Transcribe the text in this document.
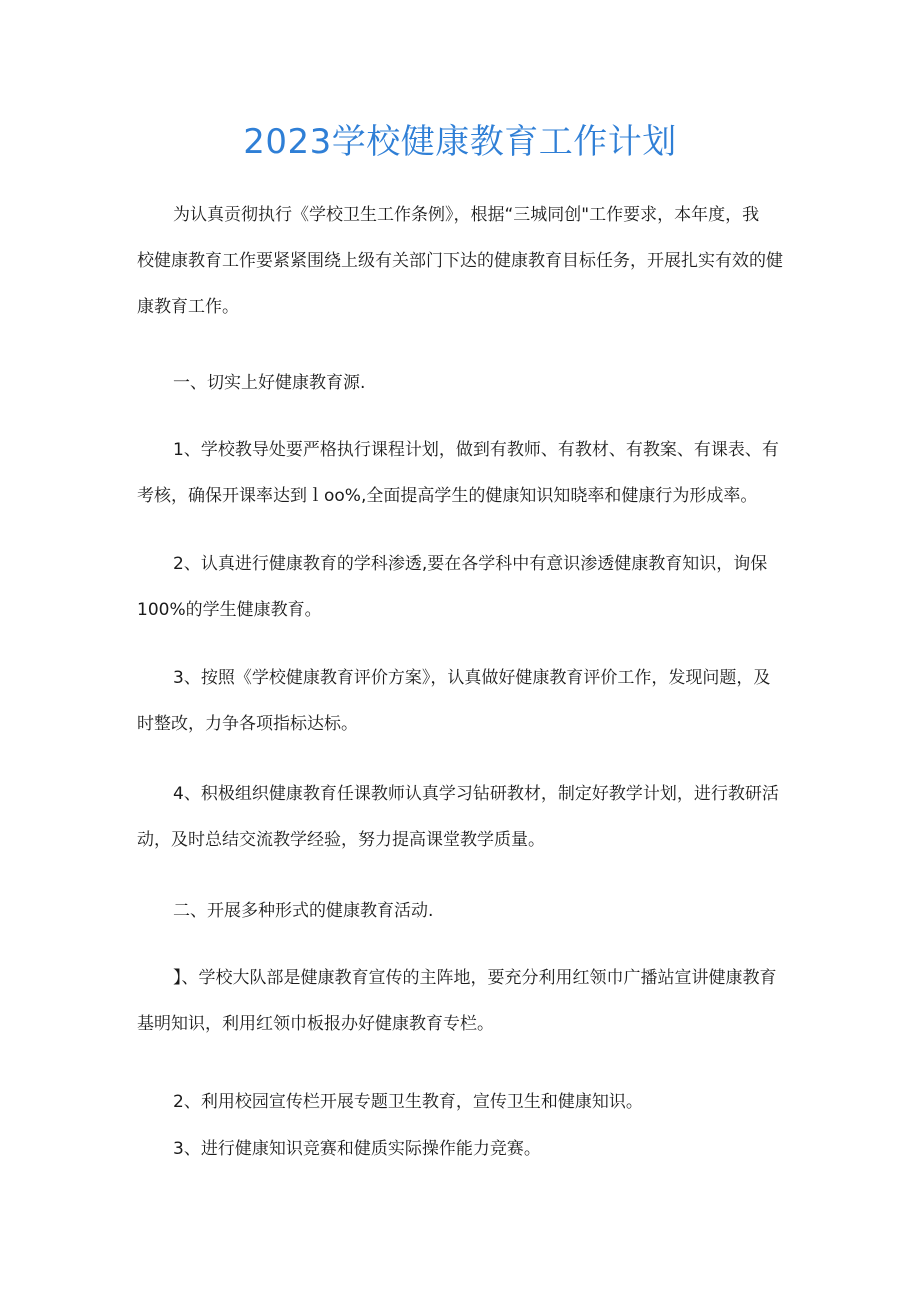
2023学校健康教育工作计划
为认真贡彻执行《学校卫生工作条例》，根据“三城同创"工作要求，本年度，我
校健康教育工作要紧紧围绕上级有关部门下达的健康教育目标任务，开展扎实有效的健
康教育工作。
一、切实上好健康教育源.
1、学校教导处要严格执行课程计划，做到有教师、有教材、有教案、有课表、有
考核，确保开课率达到ｌoo%,全面提高学生的健康知识知晓率和健康行为形成率。
2、认真进行健康教育的学科渗透,要在各学科中有意识渗透健康教育知识，询保
100%的学生健康教育。
3、按照《学校健康教育评价方案》，认真做好健康教育评价工作，发现问题，及
时整改，力争各项指标达标。
4、积极组织健康教育任课教师认真学习钻研教材，制定好教学计划，进行教研活
动，及时总结交流教学经验，努力提高课堂教学质量。
二、开展多种形式的健康教育活动.
】、学校大队部是健康教育宣传的主阵地，要充分利用红领巾广播站宣讲健康教育
基明知识，利用红领巾板报办好健康教育专栏。
2、利用校园宣传栏开展专题卫生教育，宣传卫生和健康知识。
3、进行健康知识竞赛和健质实际操作能力竞赛。
